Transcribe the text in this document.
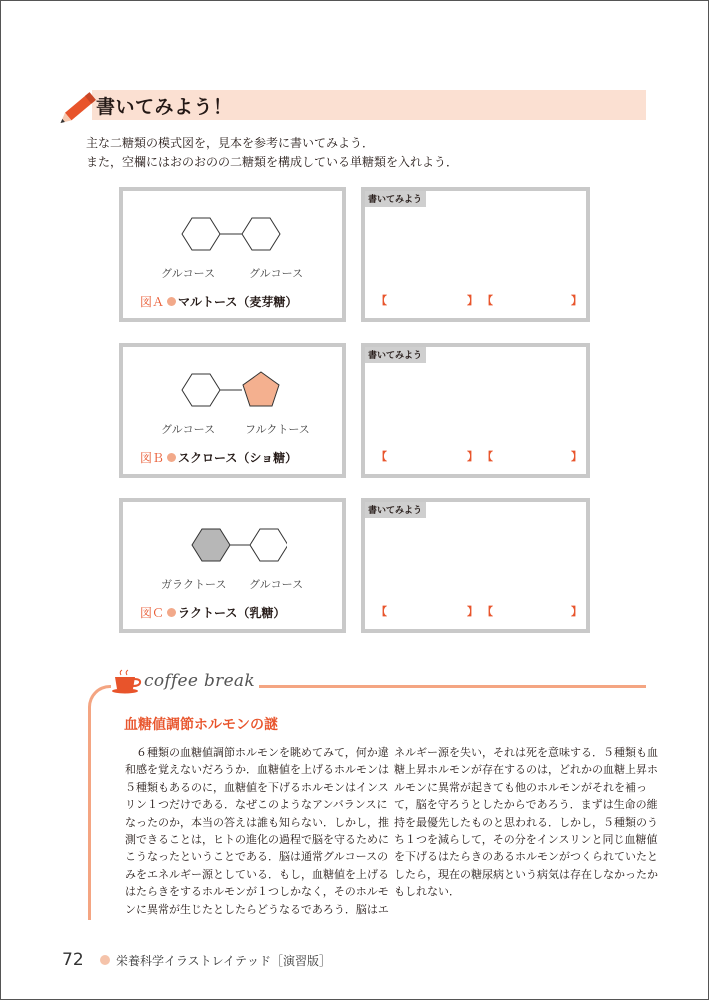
書いてみよう！
主な二糖類の模式図を，見本を参考に書いてみよう．
また，空欄にはおのおのの二糖類を構成している単糖類を入れよう．
グルコース	グルコース
図Ａ マルトース（麦芽糖）
書いてみよう
【	】 【	】
グルコース	フルクトース
図Ｂ スクロース（ショ糖）
書いてみよう
【	】 【	】
ガラクトース グルコース
図Ｃ ラクトース（乳糖）
書いてみよう
【	】 【	】
coffee break
血糖値調節ホルモンの謎
　６種類の血糖値調節ホルモンを眺めてみて，何か違
和感を覚えないだろうか．血糖値を上げるホルモンは
５種類もあるのに，血糖値を下げるホルモンはインス
リン１つだけである．なぜこのようなアンバランスに
なったのか，本当の答えは誰も知らない．しかし，推
測できることは，ヒトの進化の過程で脳を守るために
こうなったということである．脳は通常グルコースの
みをエネルギー源としている．もし，血糖値を上げる
はたらきをするホルモンが１つしかなく，そのホルモ
ンに異常が生じたとしたらどうなるであろう．脳はエ
ネルギー源を失い，それは死を意味する．５種類も血
糖上昇ホルモンが存在するのは，どれかの血糖上昇ホ
ルモンに異常が起きても他のホルモンがそれを補っ
て，脳を守ろうとしたからであろう．まずは生命の維
持を最優先したものと思われる．しかし，５種類のう
ち１つを減らして，その分をインスリンと同じ血糖値
を下げるはたらきのあるホルモンがつくられていたと
したら，現在の糖尿病という病気は存在しなかったか
もしれない．
72	栄養科学イラストレイテッド［演習版］
